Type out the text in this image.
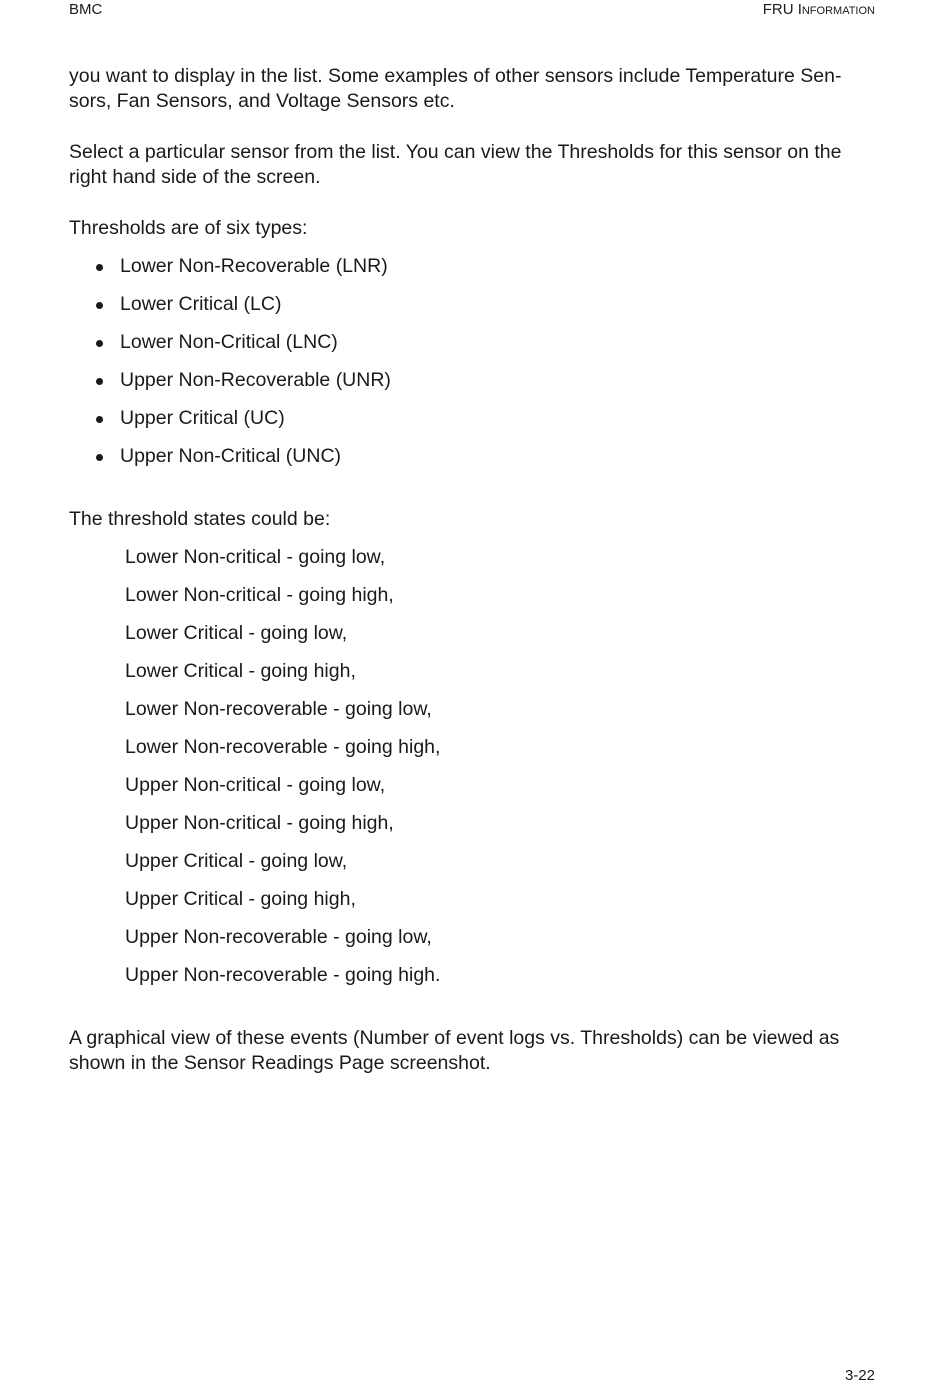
BMC	FRU Information

you want to display in the list. Some examples of other sensors include Temperature Sen-sors, Fan Sensors, and Voltage Sensors etc.

Select a particular sensor from the list. You can view the Thresholds for this sensor on the right hand side of the screen.

Thresholds are of six types:

Lower Non-Recoverable (LNR)
Lower Critical (LC)
Lower Non-Critical (LNC)
Upper Non-Recoverable (UNR)
Upper Critical (UC)
Upper Non-Critical (UNC)

The threshold states could be:

Lower Non-critical - going low,
Lower Non-critical - going high,
Lower Critical - going low,
Lower Critical - going high,
Lower Non-recoverable - going low,
Lower Non-recoverable - going high,
Upper Non-critical - going low,
Upper Non-critical - going high,
Upper Critical - going low,
Upper Critical - going high,
Upper Non-recoverable - going low,
Upper Non-recoverable - going high.

A graphical view of these events (Number of event logs vs. Thresholds) can be viewed as shown in the Sensor Readings Page screenshot.

3-22
